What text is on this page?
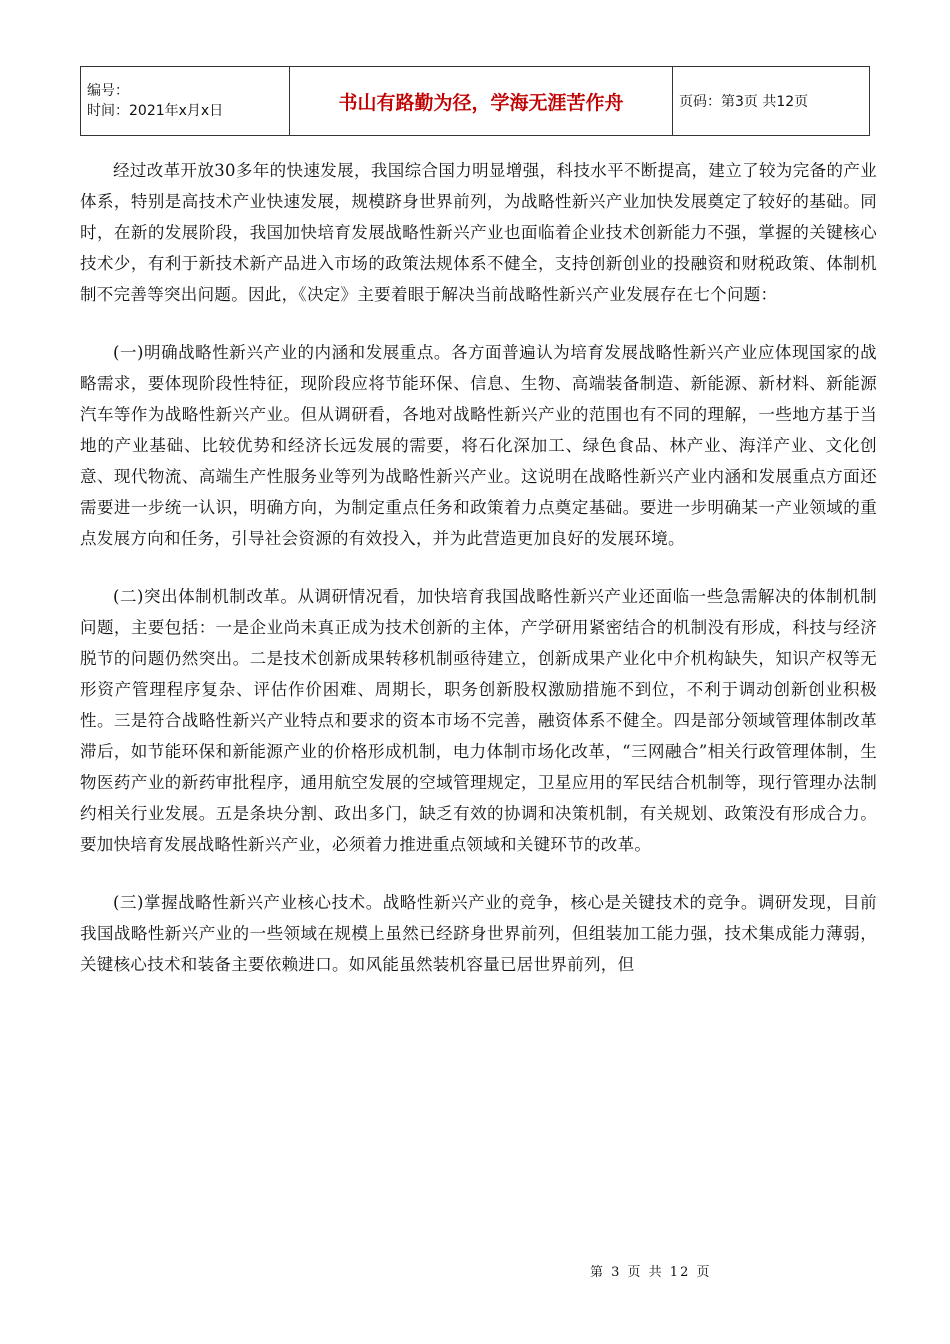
编号：
时间：2021年x月x日	书山有路勤为径，学海无涯苦作舟	页码：第3页 共12页

经过改革开放30多年的快速发展，我国综合国力明显增强，科技水平不断提高，建立了较为完备的产业体系，特别是高技术产业快速发展，规模跻身世界前列，为战略性新兴产业加快发展奠定了较好的基础。同时，在新的发展阶段，我国加快培育发展战略性新兴产业也面临着企业技术创新能力不强，掌握的关键核心技术少，有利于新技术新产品进入市场的政策法规体系不健全，支持创新创业的投融资和财税政策、体制机制不完善等突出问题。因此，《决定》主要着眼于解决当前战略性新兴产业发展存在七个问题：

(一)明确战略性新兴产业的内涵和发展重点。各方面普遍认为培育发展战略性新兴产业应体现国家的战略需求，要体现阶段性特征，现阶段应将节能环保、信息、生物、高端装备制造、新能源、新材料、新能源汽车等作为战略性新兴产业。但从调研看，各地对战略性新兴产业的范围也有不同的理解，一些地方基于当地的产业基础、比较优势和经济长远发展的需要，将石化深加工、绿色食品、林产业、海洋产业、文化创意、现代物流、高端生产性服务业等列为战略性新兴产业。这说明在战略性新兴产业内涵和发展重点方面还需要进一步统一认识，明确方向，为制定重点任务和政策着力点奠定基础。要进一步明确某一产业领域的重点发展方向和任务，引导社会资源的有效投入，并为此营造更加良好的发展环境。

(二)突出体制机制改革。从调研情况看，加快培育我国战略性新兴产业还面临一些急需解决的体制机制问题，主要包括：一是企业尚未真正成为技术创新的主体，产学研用紧密结合的机制没有形成，科技与经济脱节的问题仍然突出。二是技术创新成果转移机制亟待建立，创新成果产业化中介机构缺失，知识产权等无形资产管理程序复杂、评估作价困难、周期长，职务创新股权激励措施不到位，不利于调动创新创业积极性。三是符合战略性新兴产业特点和要求的资本市场不完善，融资体系不健全。四是部分领域管理体制改革滞后，如节能环保和新能源产业的价格形成机制，电力体制市场化改革，“三网融合”相关行政管理体制，生物医药产业的新药审批程序，通用航空发展的空域管理规定，卫星应用的军民结合机制等，现行管理办法制约相关行业发展。五是条块分割、政出多门，缺乏有效的协调和决策机制，有关规划、政策没有形成合力。要加快培育发展战略性新兴产业，必须着力推进重点领域和关键环节的改革。

(三)掌握战略性新兴产业核心技术。战略性新兴产业的竞争，核心是关键技术的竞争。调研发现，目前我国战略性新兴产业的一些领域在规模上虽然已经跻身世界前列，但组装加工能力强，技术集成能力薄弱，关键核心技术和装备主要依赖进口。如风能虽然装机容量已居世界前列，但

第 3 页 共 12 页
